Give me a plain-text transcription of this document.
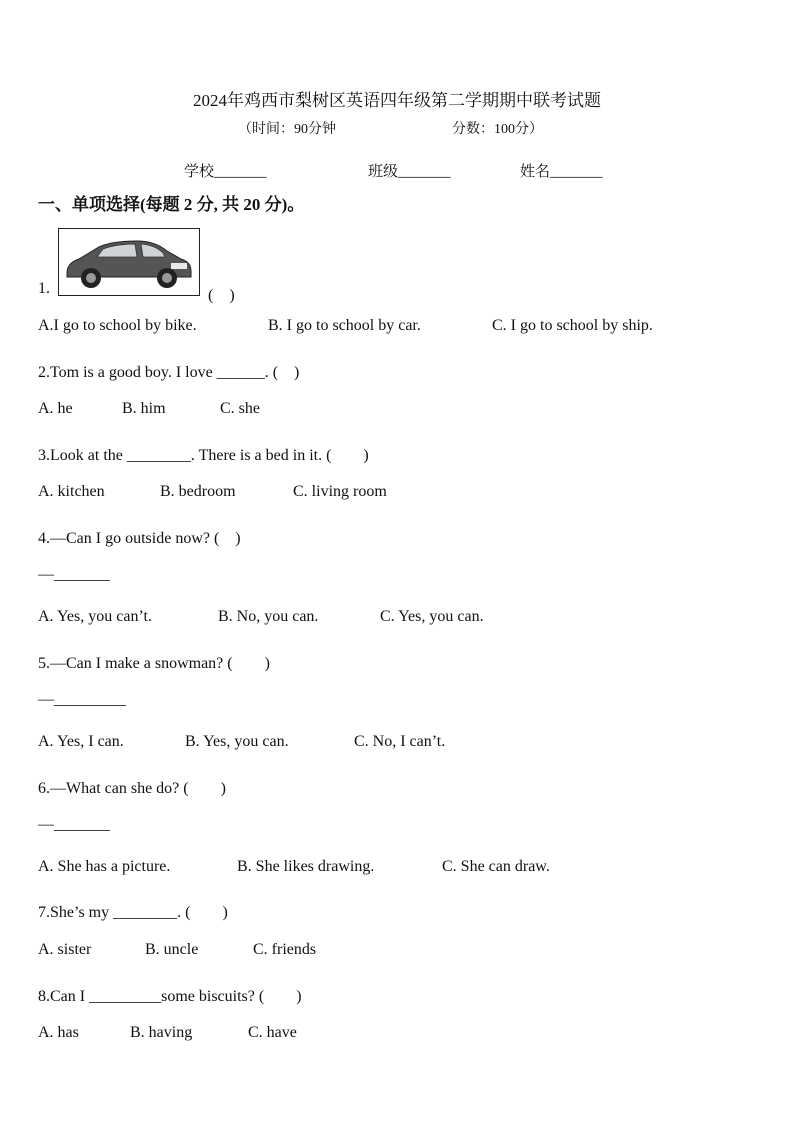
2024年鸡西市梨树区英语四年级第二学期期中联考试题
（时间：90分钟	分数：100分）
学校_______	班级_______	姓名_______
一、单项选择(每题 2 分, 共 20 分)。
1.	(　)
A.I go to school by bike.	B. I go to school by car.	C. I go to school by ship.
2.Tom is a good boy. I love ______. (　)
A. he	B. him	C. she
3.Look at the ________. There is a bed in it. (　　)
A. kitchen	B. bedroom	C. living room
4.—Can I go outside now? (　)
—_______
A. Yes, you can’t.	B. No, you can.	C. Yes, you can.
5.—Can I make a snowman? (　　)
—_________
A. Yes, I can.	B. Yes, you can.	C. No, I can’t.
6.—What can she do? (　　)
—_______
A. She has a picture.	B. She likes drawing.	C. She can draw.
7.She’s my ________. (　　)
A. sister	B. uncle	C. friends
8.Can I _________some biscuits? (　　)
A. has	B. having	C. have
